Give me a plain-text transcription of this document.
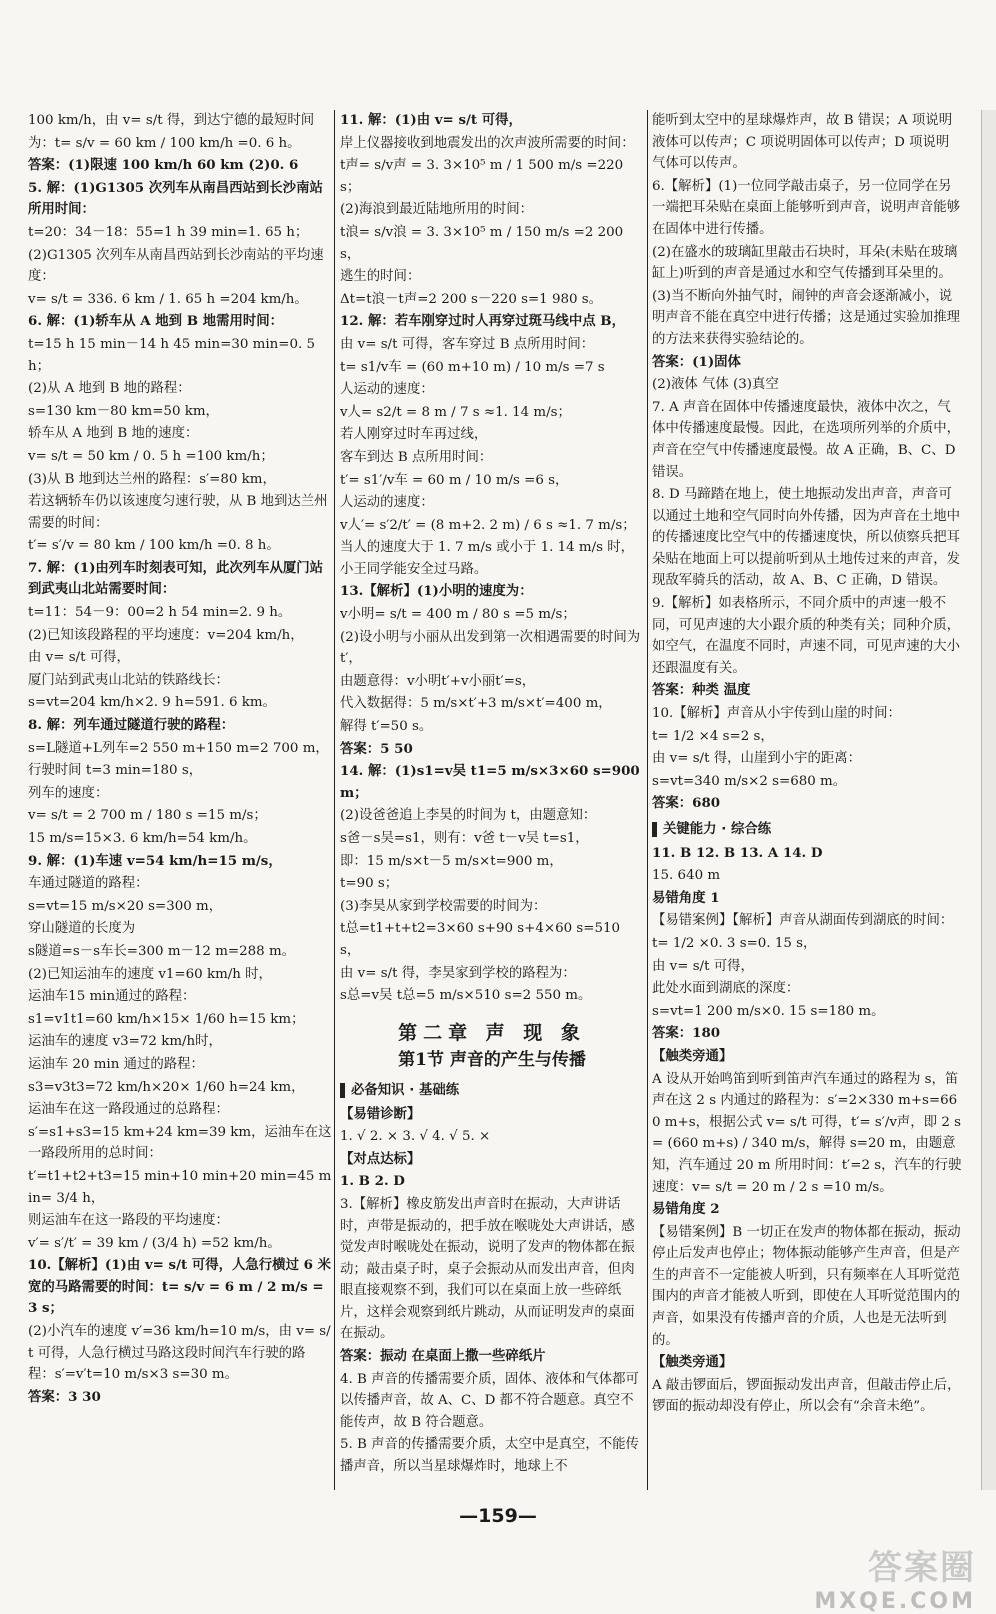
100 km/h，由 v= s/t 得，到达宁德的最短时间

为：t= s/v = 60 km / 100 km/h =0. 6 h。

答案：(1)限速 100 km/h 60 km (2)0. 6

5. 解：(1)G1305 次列车从南昌西站到长沙南站所用时间：

t=20：34－18：55=1 h 39 min=1. 65 h；

(2)G1305 次列车从南昌西站到长沙南站的平均速度：

v= s/t = 336. 6 km / 1. 65 h =204 km/h。

6. 解：(1)轿车从 A 地到 B 地需用时间：

t=15 h 15 min－14 h 45 min=30 min=0. 5 h；

(2)从 A 地到 B 地的路程：

s=130 km－80 km=50 km，

轿车从 A 地到 B 地的速度：

v= s/t = 50 km / 0. 5 h =100 km/h；

(3)从 B 地到达兰州的路程：s′=80 km，

若这辆轿车仍以该速度匀速行驶，从 B 地到达兰州需要的时间：

t′= s′/v = 80 km / 100 km/h =0. 8 h。

7. 解：(1)由列车时刻表可知，此次列车从厦门站到武夷山北站需要时间：

t=11：54－9：00=2 h 54 min=2. 9 h。

(2)已知该段路程的平均速度：v=204 km/h，

由 v= s/t 可得，

厦门站到武夷山北站的铁路线长：

s=vt=204 km/h×2. 9 h=591. 6 km。

8. 解：列车通过隧道行驶的路程：

s=L隧道+L列车=2 550 m+150 m=2 700 m，

行驶时间 t=3 min=180 s，

列车的速度：

v= s/t = 2 700 m / 180 s =15 m/s；

15 m/s=15×3. 6 km/h=54 km/h。

9. 解：(1)车速 v=54 km/h=15 m/s，

车通过隧道的路程：

s=vt=15 m/s×20 s=300 m，

穿山隧道的长度为

s隧道=s－s车长=300 m－12 m=288 m。

(2)已知运油车的速度 v1=60 km/h 时，

运油车15 min通过的路程：

s1=v1t1=60 km/h×15× 1/60 h=15 km；

运油车的速度 v3=72 km/h时，

运油车 20 min 通过的路程：

s3=v3t3=72 km/h×20× 1/60 h=24 km，

运油车在这一路段通过的总路程：

s′=s1+s3=15 km+24 km=39 km，运油车在这一路段所用的总时间：

t′=t1+t2+t3=15 min+10 min+20 min=45 min= 3/4 h，

则运油车在这一路段的平均速度：

v′= s′/t′ = 39 km / (3/4 h) =52 km/h。

10.【解析】(1)由 v= s/t 可得，人急行横过 6 米宽的马路需要的时间：t= s/v = 6 m / 2 m/s =3 s；

(2)小汽车的速度 v′=36 km/h=10 m/s，由 v= s/t 可得，人急行横过马路这段时间汽车行驶的路程：s′=v′t=10 m/s×3 s=30 m。

答案：3 30

11. 解：(1)由 v= s/t 可得，

岸上仪器接收到地震发出的次声波所需要的时间：

t声= s/v声 = 3. 3×10⁵ m / 1 500 m/s =220 s；

(2)海浪到最近陆地所用的时间：

t浪= s/v浪 = 3. 3×10⁵ m / 150 m/s =2 200 s，

逃生的时间：

Δt=t浪－t声=2 200 s－220 s=1 980 s。

12. 解：若车刚穿过时人再穿过斑马线中点 B，

由 v= s/t 可得，客车穿过 B 点所用时间：

t= s1/v车 = (60 m+10 m) / 10 m/s =7 s

人运动的速度：

v人= s2/t = 8 m / 7 s ≈1. 14 m/s；

若人刚穿过时车再过线，

客车到达 B 点所用时间：

t′= s1′/v车 = 60 m / 10 m/s =6 s，

人运动的速度：

v人′= s′2/t′ = (8 m+2. 2 m) / 6 s ≈1. 7 m/s；

当人的速度大于 1. 7 m/s 或小于 1. 14 m/s 时，小王同学能安全过马路。

13.【解析】(1)小明的速度为：

v小明= s/t = 400 m / 80 s =5 m/s；

(2)设小明与小丽从出发到第一次相遇需要的时间为 t′，

由题意得：v小明t′+v小丽t′=s，

代入数据得：5 m/s×t′+3 m/s×t′=400 m，

解得 t′=50 s。

答案：5 50

14. 解：(1)s1=v吴 t1=5 m/s×3×60 s=900 m；

(2)设爸爸追上李昊的时间为 t，由题意知：

s爸－s吴=s1，则有：v爸 t－v吴 t=s1，

即：15 m/s×t－5 m/s×t=900 m，

t=90 s；

(3)李昊从家到学校需要的时间为：

t总=t1+t+t2=3×60 s+90 s+4×60 s=510 s，

由 v= s/t 得，李昊家到学校的路程为：

s总=v吴 t总=5 m/s×510 s=2 550 m。

第二章 声 现 象
第1节 声音的产生与传播
必备知识 · 基础练

【易错诊断】

1. √ 2. × 3. √ 4. √ 5. ×

【对点达标】

1. B 2. D

3.【解析】橡皮筋发出声音时在振动，大声讲话时，声带是振动的，把手放在喉咙处大声讲话，感觉发声时喉咙处在振动，说明了发声的物体都在振动；敲击桌子时，桌子会振动从而发出声音，但肉眼直接观察不到，我们可以在桌面上放一些碎纸片，这样会观察到纸片跳动，从而证明发声的桌面在振动。

答案：振动 在桌面上撒一些碎纸片

4. B 声音的传播需要介质，固体、液体和气体都可以传播声音，故 A、C、D 都不符合题意。真空不能传声，故 B 符合题意。

5. B 声音的传播需要介质，太空中是真空，不能传播声音，所以当星球爆炸时，地球上不

能听到太空中的星球爆炸声，故 B 错误；A 项说明液体可以传声；C 项说明固体可以传声；D 项说明气体可以传声。

6.【解析】(1)一位同学敲击桌子，另一位同学在另一端把耳朵贴在桌面上能够听到声音，说明声音能够在固体中进行传播。

(2)在盛水的玻璃缸里敲击石块时，耳朵(未贴在玻璃缸上)听到的声音是通过水和空气传播到耳朵里的。

(3)当不断向外抽气时，闹钟的声音会逐渐减小，说明声音不能在真空中进行传播；这是通过实验加推理的方法来获得实验结论的。

答案：(1)固体

(2)液体 气体 (3)真空

7. A 声音在固体中传播速度最快，液体中次之，气体中传播速度最慢。因此，在选项所列举的介质中，声音在空气中传播速度最慢。故 A 正确，B、C、D 错误。

8. D 马蹄踏在地上，使土地振动发出声音，声音可以通过土地和空气同时向外传播，因为声音在土地中的传播速度比空气中的传播速度快，所以侦察兵把耳朵贴在地面上可以提前听到从土地传过来的声音，发现敌军骑兵的活动，故 A、B、C 正确，D 错误。

9.【解析】如表格所示，不同介质中的声速一般不同，可见声速的大小跟介质的种类有关；同种介质，如空气，在温度不同时，声速不同，可见声速的大小还跟温度有关。

答案：种类 温度

10.【解析】声音从小宇传到山崖的时间：

t= 1/2 ×4 s=2 s，

由 v= s/t 得，山崖到小宇的距离：

s=vt=340 m/s×2 s=680 m。

答案：680

关键能力 · 综合练

11. B 12. B 13. A 14. D

15. 640 m

易错角度 1

【易错案例】【解析】声音从湖面传到湖底的时间：

t= 1/2 ×0. 3 s=0. 15 s，

由 v= s/t 可得，

此处水面到湖底的深度：

s=vt=1 200 m/s×0. 15 s=180 m。

答案：180

【触类旁通】

A 设从开始鸣笛到听到笛声汽车通过的路程为 s，笛声在这 2 s 内通过的路程为：s′=2×330 m+s=660 m+s，根据公式 v= s/t 可得，t′= s′/v声，即 2 s= (660 m+s) / 340 m/s，解得 s=20 m，由题意知，汽车通过 20 m 所用时间：t′=2 s，汽车的行驶速度：v= s/t = 20 m / 2 s =10 m/s。

易错角度 2

【易错案例】B 一切正在发声的物体都在振动，振动停止后发声也停止；物体振动能够产生声音，但是产生的声音不一定能被人听到，只有频率在人耳听觉范围内的声音才能被人听到，即使在人耳听觉范围内的声音，如果没有传播声音的介质，人也是无法听到的。

【触类旁通】

A 敲击锣面后，锣面振动发出声音，但敲击停止后，锣面的振动却没有停止，所以会有“余音未绝”。

—159—
答案圈
MXQE.COM
